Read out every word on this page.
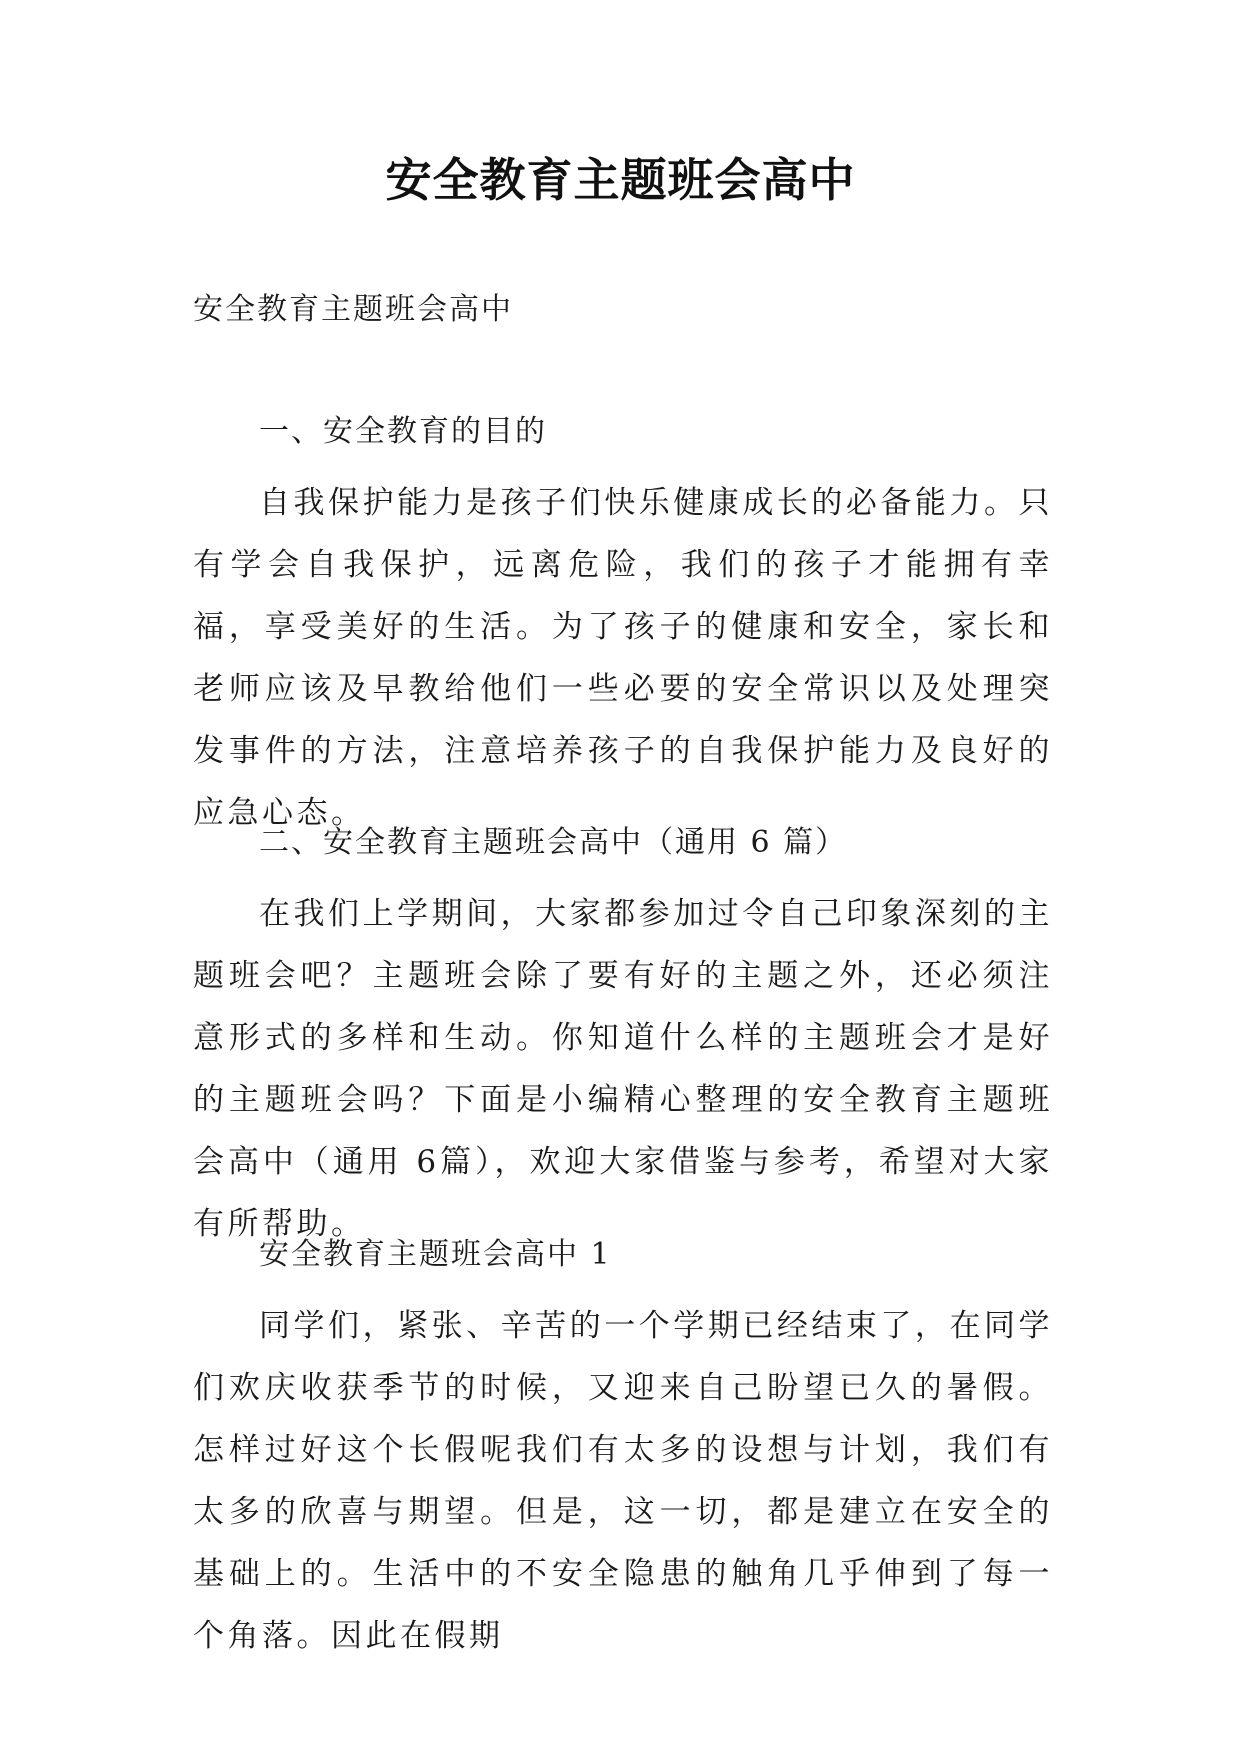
安全教育主题班会高中
安全教育主题班会高中

一、安全教育的目的

自我保护能力是孩子们快乐健康成长的必备能力。只有学会自我保护，远离危险，我们的孩子才能拥有幸福，享受美好的生活。为了孩子的健康和安全，家长和老师应该及早教给他们一些必要的安全常识以及处理突发事件的方法，注意培养孩子的自我保护能力及良好的应急心态。

二、安全教育主题班会高中（通用 6 篇）

在我们上学期间，大家都参加过令自己印象深刻的主题班会吧？主题班会除了要有好的主题之外，还必须注意形式的多样和生动。你知道什么样的主题班会才是好的主题班会吗？下面是小编精心整理的安全教育主题班会高中（通用 6篇），欢迎大家借鉴与参考，希望对大家有所帮助。

安全教育主题班会高中 1

同学们，紧张、辛苦的一个学期已经结束了，在同学们欢庆收获季节的时候，又迎来自己盼望已久的暑假。怎样过好这个长假呢我们有太多的设想与计划，我们有太多的欣喜与期望。但是，这一切，都是建立在安全的基础上的。生活中的不安全隐患的触角几乎伸到了每一个角落。因此在假期
